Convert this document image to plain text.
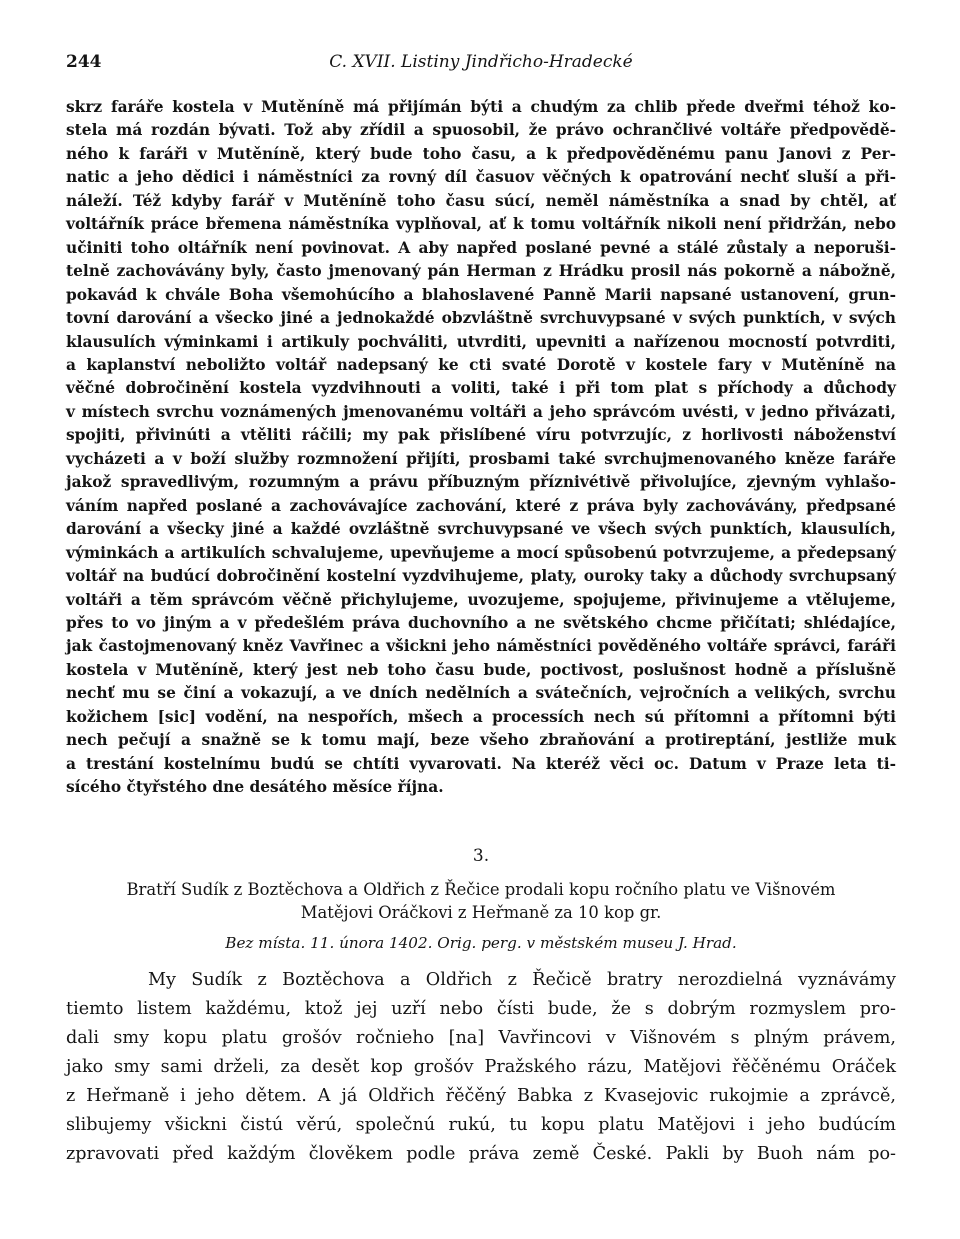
244	C. XVII. Listiny Jindřicho-Hradecké
skrz faráře kostela v Mutěníně má přijímán býti a chudým za chlib přede dveřmi téhož ko-
stela má rozdán bývati. Tož aby zřídil a spuosobil, že právo ochrančlivé voltáře předpovědě-
ného k faráři v Mutěníně, který bude toho času, a k předpověděnému panu Janovi z Per-
natic a jeho dědici i náměstníci za rovný díl časuov věčných k opatrování nechť sluší a při-
náleží. Též kdyby farář v Mutěníně toho času súcí, neměl náměstníka a snad by chtěl, ať
voltářník práce břemena náměstníka vyplňoval, ať k tomu voltářník nikoli není přidržán, nebo
učiniti toho oltářník není povinovat. A aby napřed poslané pevné a stálé zůstaly a neporuši-
telně zachovávány byly, často jmenovaný pán Herman z Hrádku prosil nás pokorně a nábožně,
pokavád k chvále Boha všemohúcího a blahoslavené Panně Marii napsané ustanovení, grun-
tovní darování a všecko jiné a jednokaždé obzvláštně svrchuvypsané v svých punktích, v svých
klausulích výminkami i artikuly pochváliti, utvrditi, upevniti a nařízenou mocností potvrditi,
a kaplanství neboližto voltář nadepsaný ke cti svaté Dorotě v kostele fary v Mutěníně na
věčné dobročinění kostela vyzdvihnouti a voliti, také i při tom plat s příchody a důchody
v místech svrchu voznámených jmenovanému voltáři a jeho správcóm uvésti, v jedno přivázati,
spojiti, přivinúti a vtěliti ráčili; my pak přislíbené víru potvrzujíc, z horlivosti náboženství
vycházeti a v boží služby rozmnožení přijíti, prosbami také svrchujmenovaného kněze faráře
jakož spravedlivým, rozumným a právu příbuzným příznivétivě přivolujíce, zjevným vyhlašo-
váním napřed poslané a zachovávajíce zachování, které z práva byly zachovávány, předpsané
darování a všecky jiné a každé ovzláštně svrchuvypsané ve všech svých punktích, klausulích,
výminkách a artikulích schvalujeme, upevňujeme a mocí spůsobenú potvrzujeme, a předepsaný
voltář na budúcí dobročinění kostelní vyzdvihujeme, platy, ouroky taky a důchody svrchupsaný
voltáři a těm správcóm věčně přichylujeme, uvozujeme, spojujeme, přivinujeme a vtělujeme,
přes to vo jiným a v předešlém práva duchovního a ne světského chcme přičítati; shlédajíce,
jak častojmenovaný kněz Vavřinec a všickni jeho náměstníci pověděného voltáře správci, faráři
kostela v Mutěníně, který jest neb toho času bude, poctivost, poslušnost hodně a příslušně
nechť mu se činí a vokazují, a ve dních nedělních a svátečních, vejročních a velikých, svrchu
kožichem [sic] vodění, na nespořích, mšech a processích nech sú přítomni a přítomni býti
nech pečují a snažně se k tomu mají, beze všeho zbraňování a protireptání, jestliže muk
a trestání kostelnímu budú se chtíti vyvarovati. Na kteréž věci oc. Datum v Praze leta ti-
sícého čtyřstého dne desátého měsíce října.
3.
Bratří Sudík z Boztěchova a Oldřich z Řečice prodali kopu ročního platu ve Višnovém
Matějovi Oráčkovi z Heřmaně za 10 kop gr.
Bez místa. 11. února 1402. Orig. perg. v městském museu J. Hrad.
My Sudík z Boztěchova a Oldřich z Řečicě bratry nerozdielná vyznávámy
tiemto listem každému, ktož jej uzří nebo čísti bude, že s dobrým rozmyslem pro-
dali smy kopu platu grošóv ročnieho [na] Vavřincovi v Višnovém s plným právem,
jako smy sami drželi, za desět kop grošóv Pražského rázu, Matějovi řěčěnému Oráček
z Heřmaně i jeho dětem. A já Oldřich řěčěný Babka z Kvasejovic rukojmie a zprávcě,
slibujemy všickni čistú věrú, společnú rukú, tu kopu platu Matějovi i jeho budúcím
zpravovati před každým člověkem podle práva země České. Pakli by Buoh nám po-
